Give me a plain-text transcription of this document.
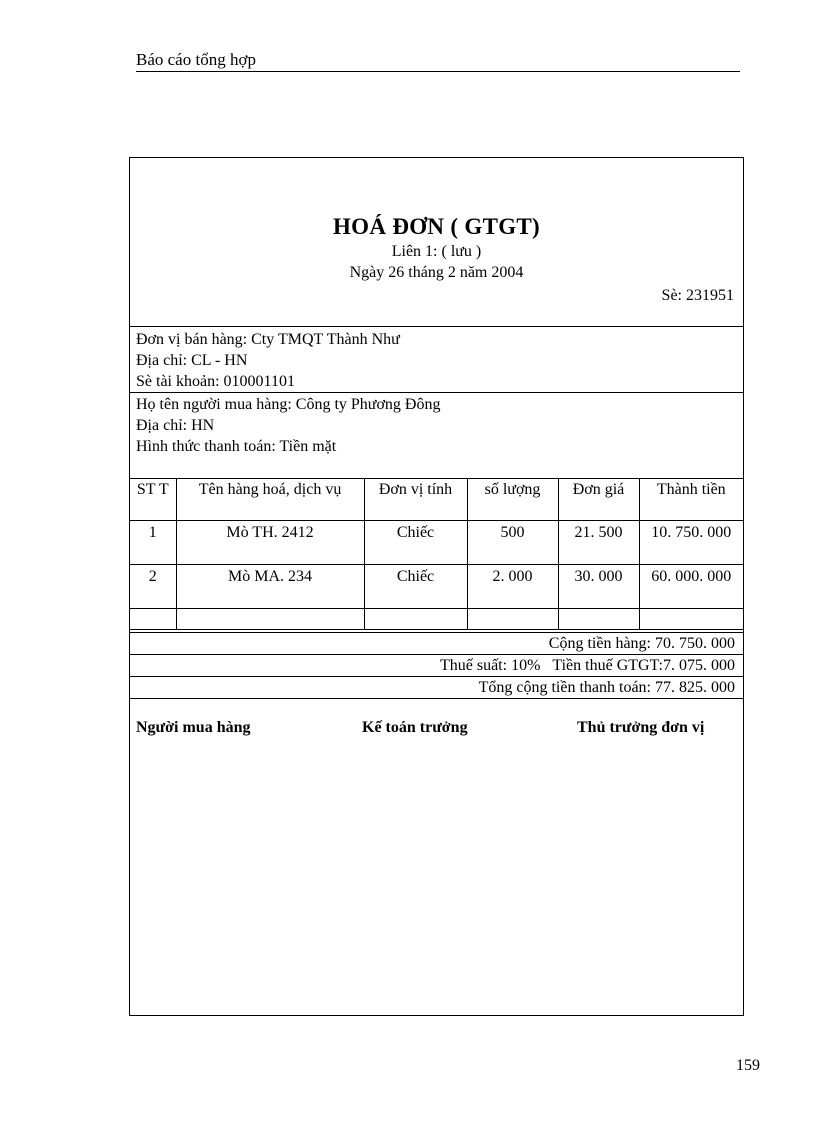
Báo cáo tổng hợp
HOÁ ĐƠN ( GTGT)
Liên 1: ( lưu )
Ngày 26 tháng 2 năm 2004
Sè: 231951
Đơn vị bán hàng: Cty TMQT Thành Như
Địa chỉ: CL - HN
Sè tài khoản: 010001101
Họ tên người mua hàng: Công ty Phương Đông
Địa chỉ: HN
Hình thức thanh toán: Tiền mặt
ST T	Tên hàng hoá, dịch vụ	Đơn vị tính	số lượng	Đơn giá	Thành tiền
1	Mò TH. 2412	Chiếc	500	21. 500	10. 750. 000
2	Mò MA. 234	Chiếc	2. 000	30. 000	60. 000. 000

Cộng tiền hàng: 70. 750. 000
Thuế suất: 10% Tiền thuế GTGT:7. 075. 000
Tổng cộng tiền thanh toán: 77. 825. 000
Người mua hàng	Kế toán trưởng	Thủ trưởng đơn vị
159
